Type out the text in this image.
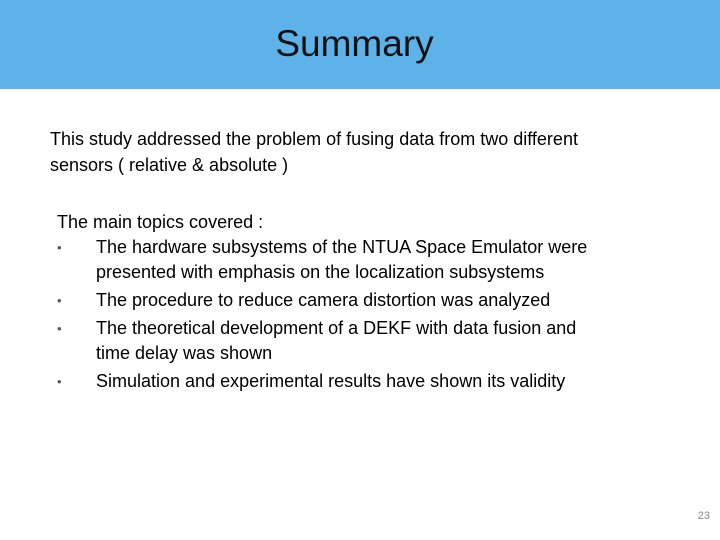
Summary

This study addressed the problem of fusing data from two different

sensors ( relative & absolute )

The main topics covered :

• The hardware subsystems of the NTUA Space Emulator were
presented with emphasis on the localization subsystems
• The procedure to reduce camera distortion was analyzed
• The theoretical development of a DEKF with data fusion and
time delay was shown
• Simulation and experimental results have shown its validity
23
